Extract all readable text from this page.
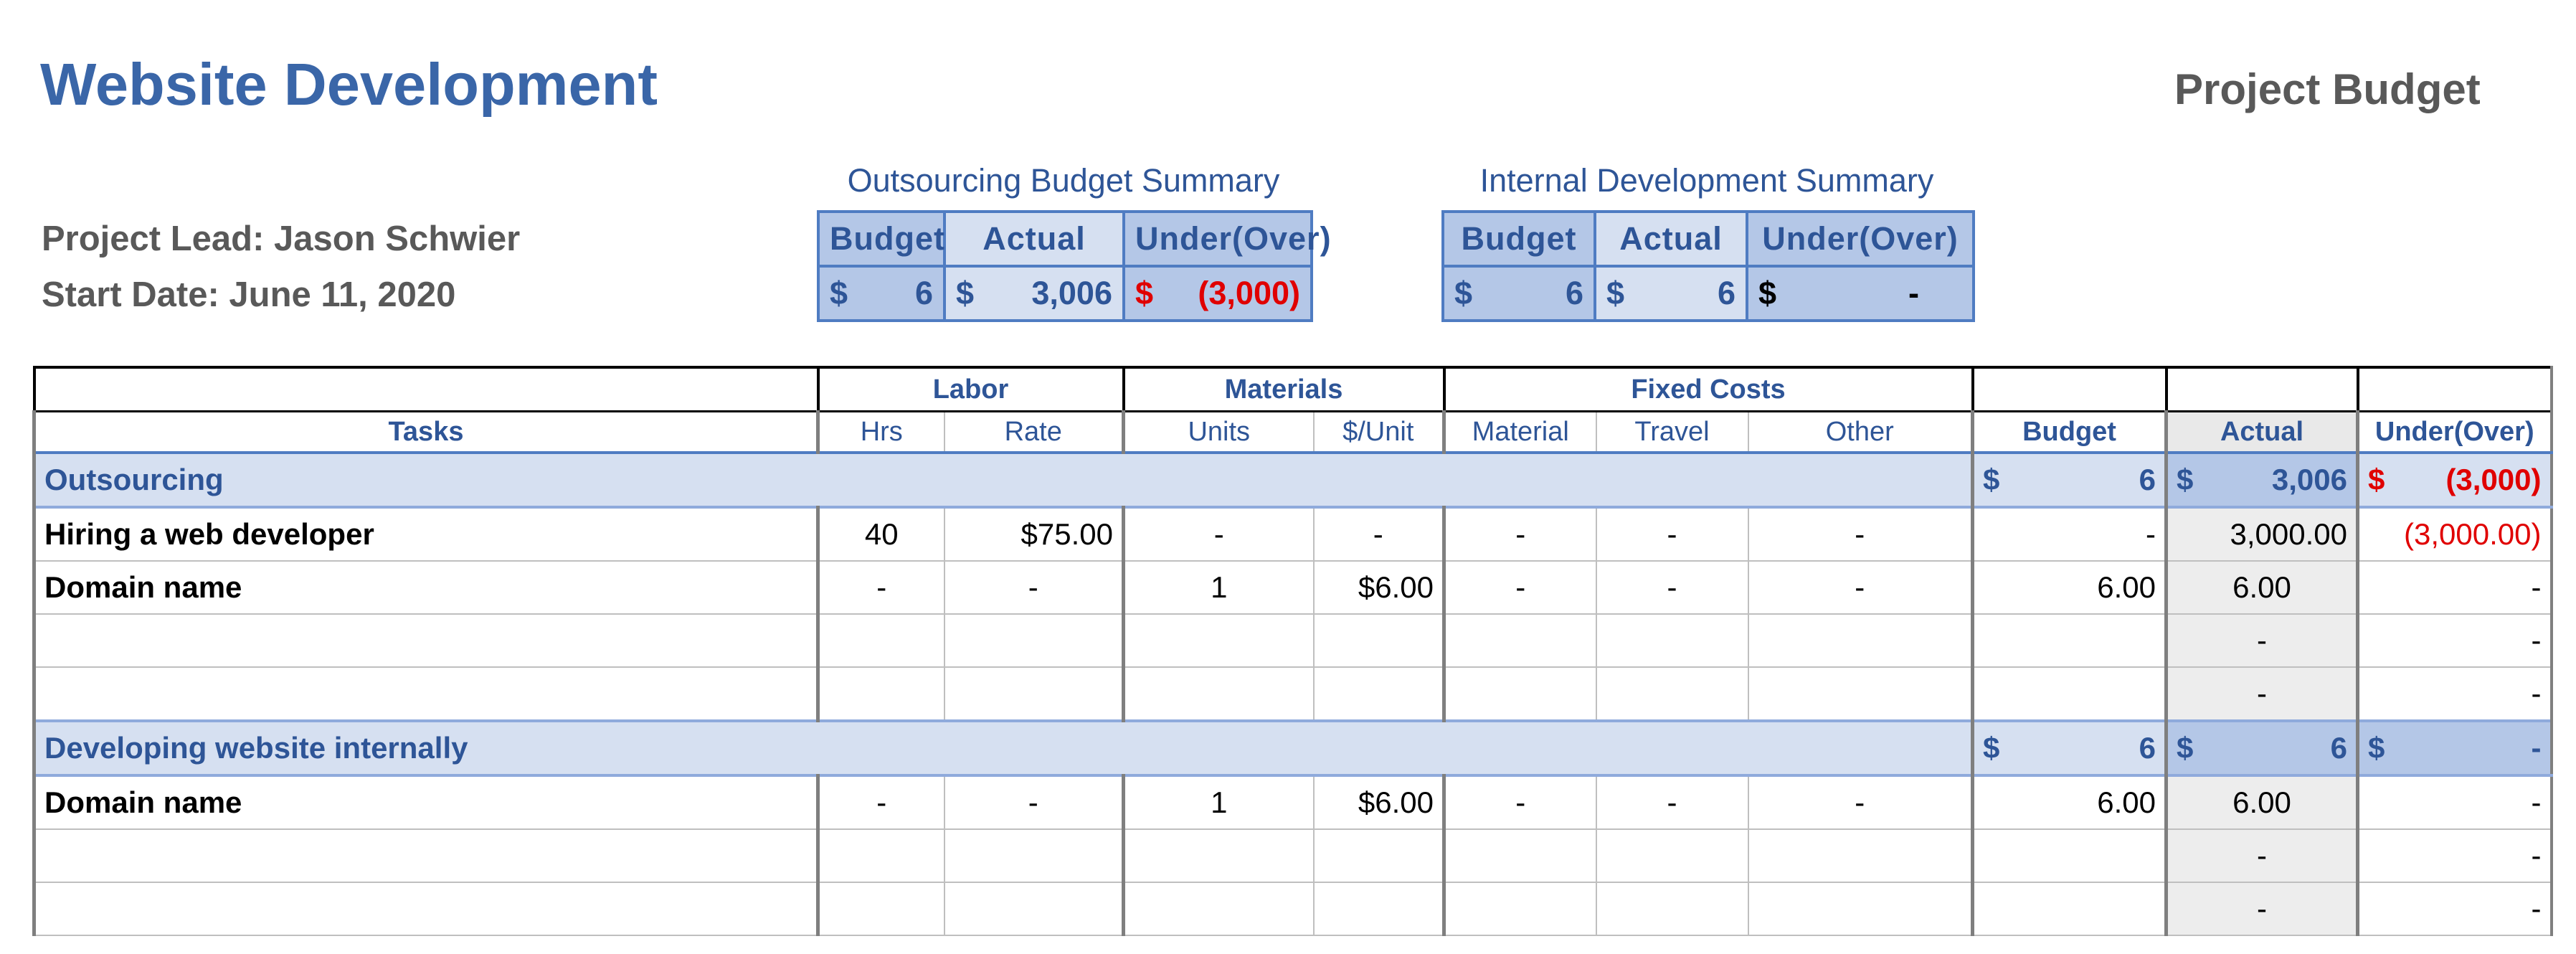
Website Development	Project Budget
Project Lead: Jason Schwier
Start Date: June 11, 2020
Outsourcing Budget Summary
Budget	Actual	Under(Over)

$ 6	$ 3,006	$ (3,000)
Internal Development Summary
Budget	Actual	Under(Over)

$ 6	$ 6	$ -
	Labor		Materials		Fixed Costs					
Tasks	Hrs	Rate	Units	$/Unit	Material	Travel	Other	Budget	Actual	Under(Over)
Outsourcing								$ 6	$ 3,006	$ (3,000)

Hiring a web developer	40	$75.00	-	-	-	-	-	-	3,000.00	(3,000.00)
Domain name	-	-	1	$6.00	-	-	-	6.00	6.00	-
									-	-
									-	-
Developing website internally								$ 6	$ 6	$ -

Domain name	-	-	1	$6.00	-	-	-	6.00	6.00	-
									-	-
									-	-
